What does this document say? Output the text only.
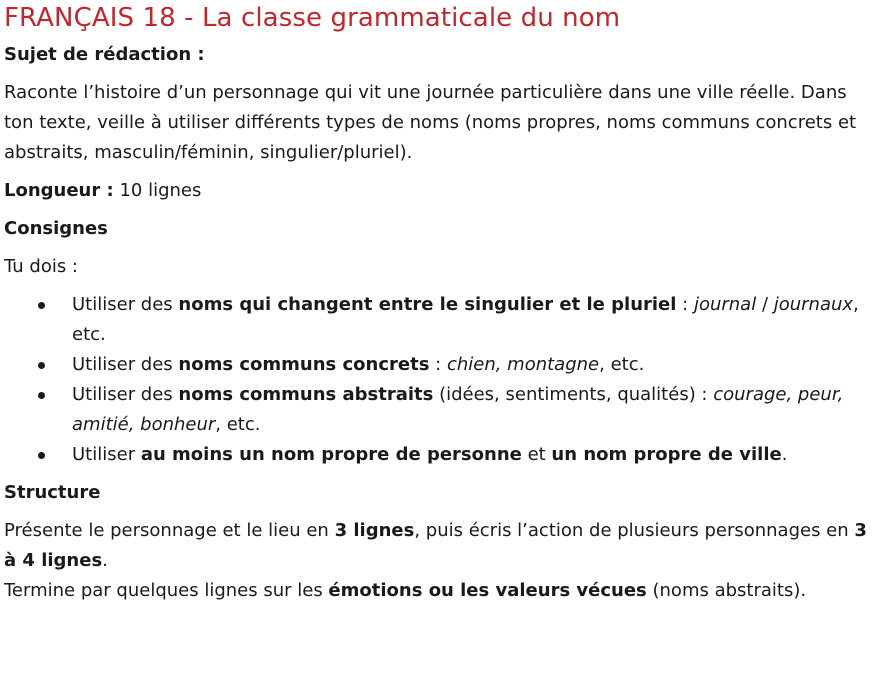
FRANÇAIS 18 - La classe grammaticale du nom

Sujet de rédaction :

Raconte l’histoire d’un personnage qui vit une journée particulière dans une ville réelle. Dans ton texte, veille à utiliser différents types de noms (noms propres, noms communs concrets et abstraits, masculin/féminin, singulier/pluriel).

Longueur : 10 lignes

Consignes

Tu dois :

Utiliser des noms qui changent entre le singulier et le pluriel : journal / journaux, etc.
Utiliser des noms communs concrets : chien, montagne, etc.
Utiliser des noms communs abstraits (idées, sentiments, qualités) : courage, peur, amitié, bonheur, etc.
Utiliser au moins un nom propre de personne et un nom propre de ville.

Structure

Présente le personnage et le lieu en 3 lignes, puis écris l’action de plusieurs personnages en 3 à 4 lignes.

Termine par quelques lignes sur les émotions ou les valeurs vécues (noms abstraits).
